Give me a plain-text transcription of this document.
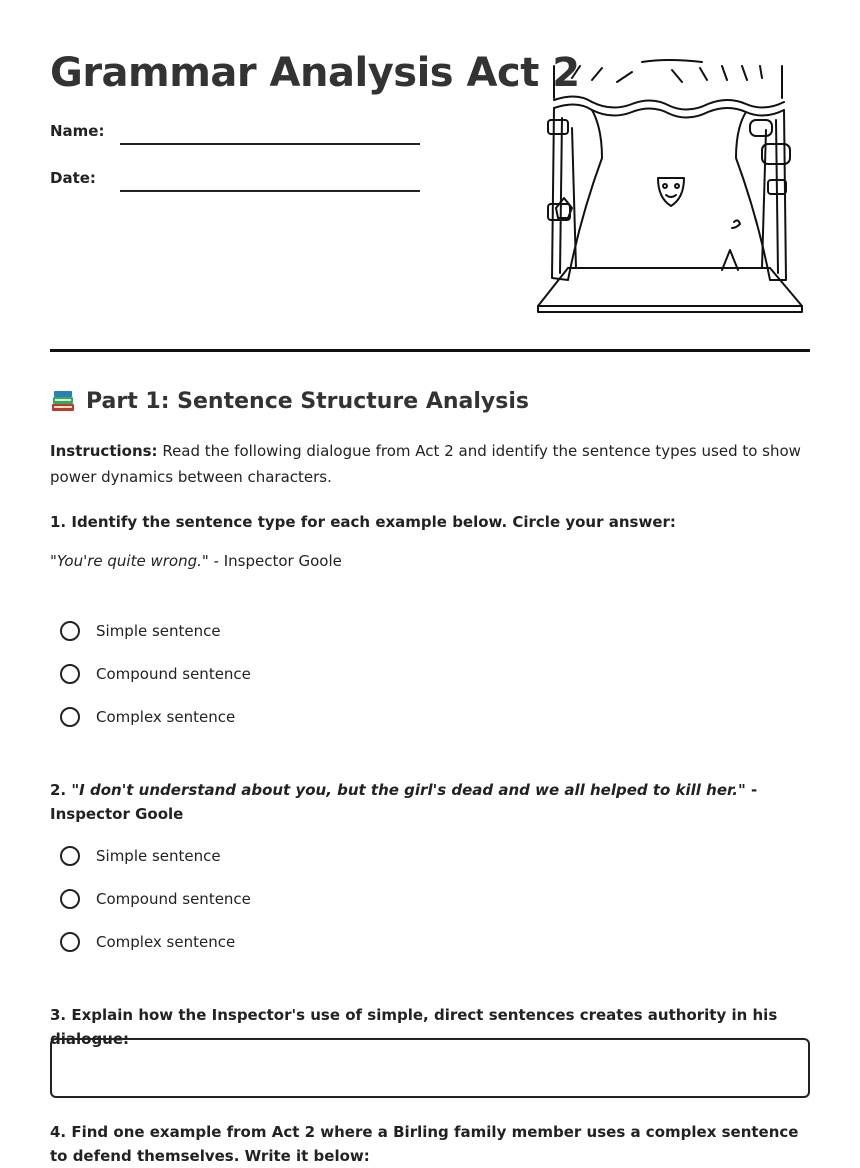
Grammar Analysis Act 2
Name:
Date:
Part 1: Sentence Structure Analysis

Instructions: Read the following dialogue from Act 2 and identify the sentence types used to show power dynamics between characters.

1. Identify the sentence type for each example below. Circle your answer:

"You're quite wrong." - Inspector Goole
Simple sentence
Compound sentence
Complex sentence

2. "I don't understand about you, but the girl's dead and we all helped to kill her." - Inspector Goole

Simple sentence
Compound sentence
Complex sentence

3. Explain how the Inspector's use of simple, direct sentences creates authority in his dialogue:

4. Find one example from Act 2 where a Birling family member uses a complex sentence to defend themselves. Write it below:
